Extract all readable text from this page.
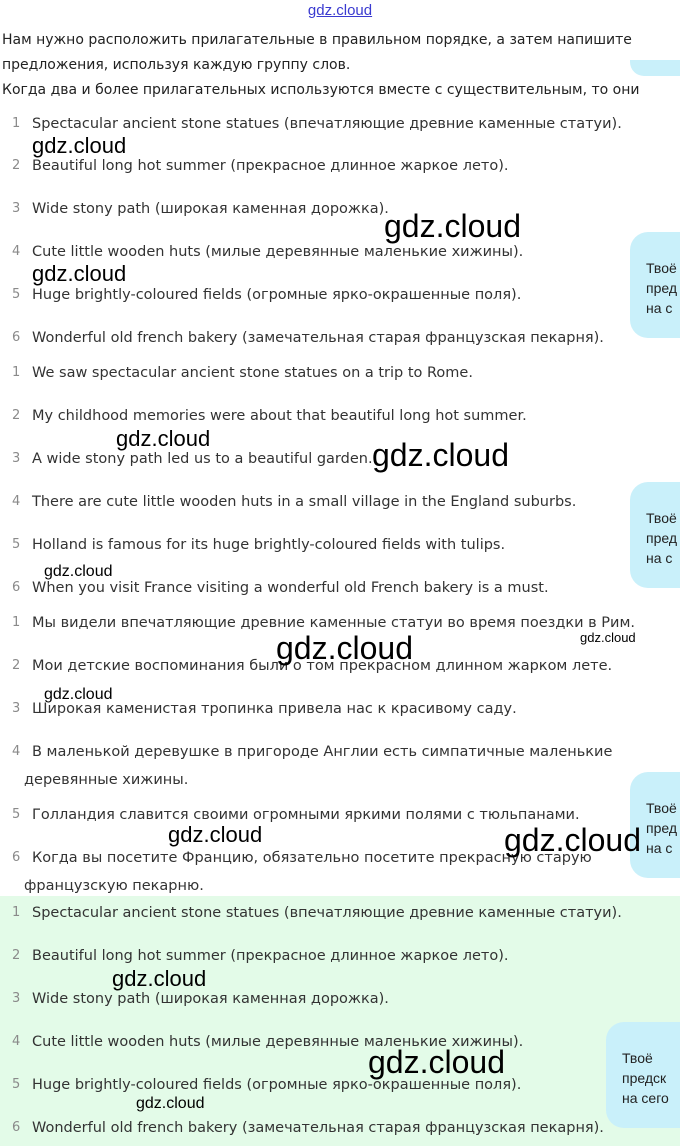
gdz.cloud
Нам нужно расположить прилагательные в правильном порядке, а затем напишите
предложения, используя каждую группу слов.
Когда два и более прилагательных используются вместе с существительным, то они
1 Spectacular ancient stone statues (впечатляющие древние каменные статуи).
2 Beautiful long hot summer (прекрасное длинное жаркое лето).
3 Wide stony path (широкая каменная дорожка).
4 Cute little wooden huts (милые деревянные маленькие хижины).
5 Huge brightly-coloured fields (огромные ярко-окрашенные поля).
6 Wonderful old french bakery (замечательная старая французская пекарня).
1 We saw spectacular ancient stone statues on a trip to Rome.
2 My childhood memories were about that beautiful long hot summer.
3 A wide stony path led us to a beautiful garden.
4 There are cute little wooden huts in a small village in the England suburbs.
5 Holland is famous for its huge brightly-coloured fields with tulips.
6 When you visit France visiting a wonderful old French bakery is a must.
1 Мы видели впечатляющие древние каменные статуи во время поездки в Рим.
2 Мои детские воспоминания были о том прекрасном длинном жарком лете.
3 Широкая каменистая тропинка привела нас к красивому саду.
4 В маленькой деревушке в пригороде Англии есть симпатичные маленькие
деревянные хижины.
5 Голландия славится своими огромными яркими полями с тюльпанами.
6 Когда вы посетите Францию, обязательно посетите прекрасную старую
французскую пекарню.
1 Spectacular ancient stone statues (впечатляющие древние каменные статуи).
2 Beautiful long hot summer (прекрасное длинное жаркое лето).
3 Wide stony path (широкая каменная дорожка).
4 Cute little wooden huts (милые деревянные маленькие хижины).
5 Huge brightly-coloured fields (огромные ярко-окрашенные поля).
6 Wonderful old french bakery (замечательная старая французская пекарня).
Твоё
пред
на с
Твоё
пред
на с
Твоё
пред
на с
Твоё
предск
на сего
gdz.cloud
gdz.cloud
gdz.cloud
gdz.cloud	gdz.cloud
gdz.cloud
gdz.cloud	gdz.cloud
gdz.cloud
gdz.cloud	gdz.cloud
gdz.cloud
gdz.cloud
gdz.cloud
